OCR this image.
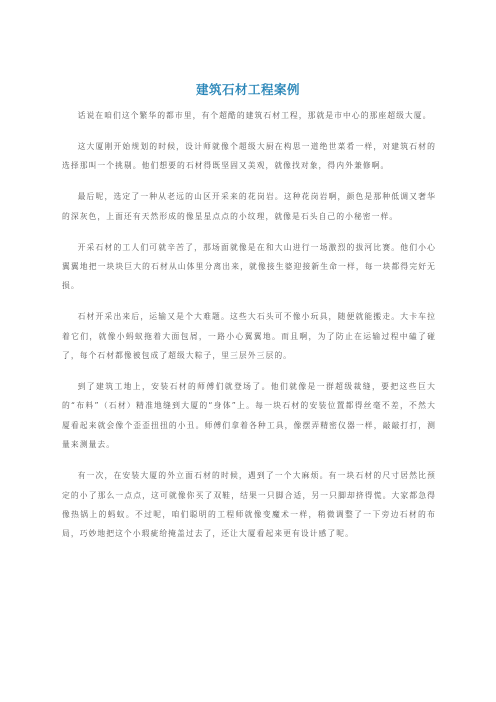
建筑石材工程案例

话说在咱们这个繁华的都市里，有个超酷的建筑石材工程，那就是市中心的那座超级大厦。

这大厦刚开始规划的时候，设计师就像个超级大厨在构思一道绝世菜肴一样，对建筑石材的选择那叫一个挑剔。他们想要的石材得既坚固又美观，就像找对象，得内外兼修啊。

最后呢，选定了一种从老远的山区开采来的花岗岩。这种花岗岩啊，颜色是那种低调又奢华的深灰色，上面还有天然形成的像星星点点的小纹理，就像是石头自己的小秘密一样。

开采石材的工人们可就辛苦了，那场面就像是在和大山进行一场激烈的拔河比赛。他们小心翼翼地把一块块巨大的石材从山体里分离出来，就像接生婆迎接新生命一样，每一块都得完好无损。

石材开采出来后，运输又是个大难题。这些大石头可不像小玩具，随便就能搬走。大卡车拉着它们，就像小蚂蚁拖着大面包屑，一路小心翼翼地。而且啊，为了防止在运输过程中磕了碰了，每个石材都像被包成了超级大粽子，里三层外三层的。

到了建筑工地上，安装石材的师傅们就登场了。他们就像是一群超级裁缝，要把这些巨大的“布料”（石材）精准地缝到大厦的“身体”上。每一块石材的安装位置都得丝毫不差，不然大厦看起来就会像个歪歪扭扭的小丑。师傅们拿着各种工具，像摆弄精密仪器一样，敲敲打打，测量来测量去。

有一次，在安装大厦的外立面石材的时候，遇到了一个大麻烦。有一块石材的尺寸居然比预定的小了那么一点点，这可就像你买了双鞋，结果一只脚合适，另一只脚却挤得慌。大家都急得像热锅上的蚂蚁。不过呢，咱们聪明的工程师就像变魔术一样，稍微调整了一下旁边石材的布局，巧妙地把这个小瑕疵给掩盖过去了，还让大厦看起来更有设计感了呢。
